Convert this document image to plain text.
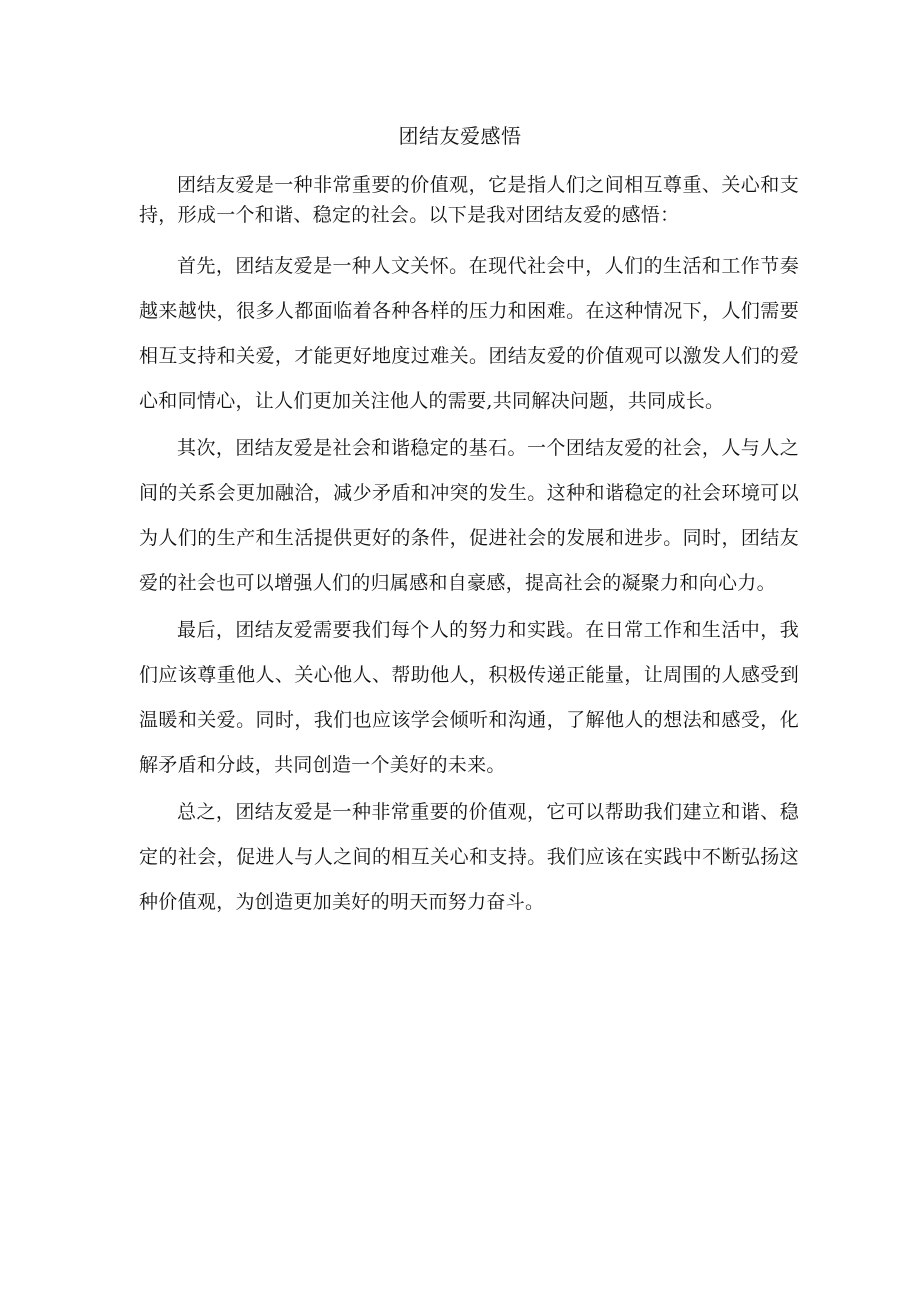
团结友爱感悟

团结友爱是一种非常重要的价值观，它是指人们之间相互尊重、关心和支持，形成一个和谐、稳定的社会。以下是我对团结友爱的感悟：

首先，团结友爱是一种人文关怀。在现代社会中，人们的生活和工作节奏越来越快，很多人都面临着各种各样的压力和困难。在这种情况下，人们需要相互支持和关爱，才能更好地度过难关。团结友爱的价值观可以激发人们的爱心和同情心，让人们更加关注他人的需要,共同解决问题，共同成长。

其次，团结友爱是社会和谐稳定的基石。一个团结友爱的社会，人与人之间的关系会更加融洽，减少矛盾和冲突的发生。这种和谐稳定的社会环境可以为人们的生产和生活提供更好的条件，促进社会的发展和进步。同时，团结友爱的社会也可以增强人们的归属感和自豪感，提高社会的凝聚力和向心力。

最后，团结友爱需要我们每个人的努力和实践。在日常工作和生活中，我们应该尊重他人、关心他人、帮助他人，积极传递正能量，让周围的人感受到温暖和关爱。同时，我们也应该学会倾听和沟通，了解他人的想法和感受，化解矛盾和分歧，共同创造一个美好的未来。

总之，团结友爱是一种非常重要的价值观，它可以帮助我们建立和谐、稳定的社会，促进人与人之间的相互关心和支持。我们应该在实践中不断弘扬这种价值观，为创造更加美好的明天而努力奋斗。
